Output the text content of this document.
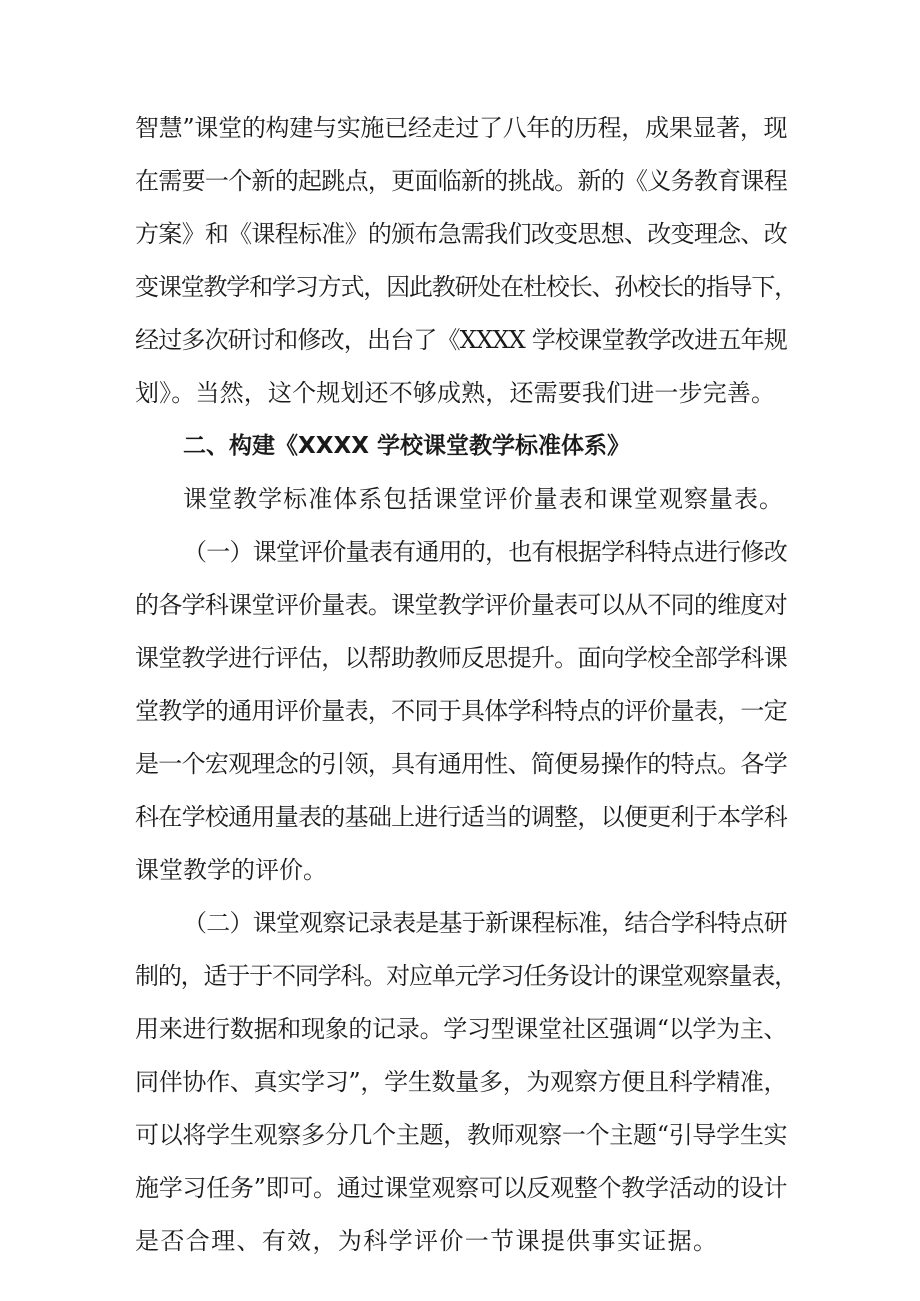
智慧”课堂的构建与实施已经走过了八年的历程，成果显著，现
在需要一个新的起跳点，更面临新的挑战。新的《义务教育课程
方案》和《课程标准》的颁布急需我们改变思想、改变理念、改
变课堂教学和学习方式，因此教研处在杜校长、孙校长的指导下，
经过多次研讨和修改，出台了《XXXX 学校课堂教学改进五年规
划》。当然，这个规划还不够成熟，还需要我们进一步完善。
二、构建《XXXX 学校课堂教学标准体系》
课堂教学标准体系包括课堂评价量表和课堂观察量表。
（一）课堂评价量表有通用的，也有根据学科特点进行修改
的各学科课堂评价量表。课堂教学评价量表可以从不同的维度对
课堂教学进行评估，以帮助教师反思提升。面向学校全部学科课
堂教学的通用评价量表，不同于具体学科特点的评价量表，一定
是一个宏观理念的引领，具有通用性、简便易操作的特点。各学
科在学校通用量表的基础上进行适当的调整，以便更利于本学科
课堂教学的评价。
（二）课堂观察记录表是基于新课程标准，结合学科特点研
制的，适于于不同学科。对应单元学习任务设计的课堂观察量表，
用来进行数据和现象的记录。学习型课堂社区强调“以学为主、
同伴协作、真实学习”，学生数量多，为观察方便且科学精准，
可以将学生观察多分几个主题，教师观察一个主题“引导学生实
施学习任务”即可。通过课堂观察可以反观整个教学活动的设计
是否合理、有效，为科学评价一节课提供事实证据。
